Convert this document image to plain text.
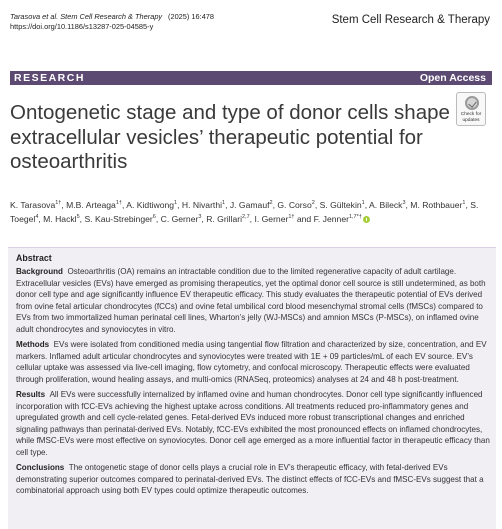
Tarasova et al. Stem Cell Research & Therapy (2025) 16:478
https://doi.org/10.1186/s13287-025-04585-y
Stem Cell Research & Therapy
RESEARCH	Open Access
Ontogenetic stage and type of donor cells shape extracellular vesicles’ therapeutic potential for osteoarthritis
Check for updates
K. Tarasova$^{1\dagger}$, M.B. Arteaga$^{1\dagger}$, A. Kidtiwong$^1$, H. Nivarthi$^1$, J. Gamauf$^2$, G. Corso$^2$, S. Gültekin$^1$, A. Bileck$^3$, M. Rothbauer$^1$, S. Toegel$^4$, M. Hackl$^5$, S. Kau-Strebinger$^6$, C. Gerner$^3$, R. Grillari$^{2,7}$, I. Gerner$^{1\dagger}$ and F. Jenner$^{1,7*\dagger}$
Abstract

Background Osteoarthritis (OA) remains an intractable condition due to the limited regenerative capacity of adult cartilage. Extracellular vesicles (EVs) have emerged as promising therapeutics, yet the optimal donor cell source is still undetermined, as both donor cell type and age significantly influence EV therapeutic efficacy. This study evaluates the therapeutic potential of EVs derived from ovine fetal articular chondrocytes (fCCs) and ovine fetal umbilical cord blood mesenchymal stromal cells (fMSCs) compared to EVs from two immortalized human perinatal cell lines, Wharton’s jelly (WJ-MSCs) and amnion MSCs (P-MSCs), on inflamed ovine adult chondrocytes and synoviocytes in vitro.

Methods EVs were isolated from conditioned media using tangential flow filtration and characterized by size, concentration, and EV markers. Inflamed adult articular chondrocytes and synoviocytes were treated with 1E + 09 particles/mL of each EV source. EV’s cellular uptake was assessed via live-cell imaging, flow cytometry, and confocal microscopy. Therapeutic effects were evaluated through proliferation, wound healing assays, and multi-omics (RNASeq, proteomics) analyses at 24 and 48 h post-treatment.

Results All EVs were successfully internalized by inflamed ovine and human chondrocytes. Donor cell type significantly influenced incorporation with fCC-EVs achieving the highest uptake across conditions. All treatments reduced pro-inflammatory genes and upregulated growth and cell cycle-related genes. Fetal-derived EVs induced more robust transcriptional changes and enriched signaling pathways than perinatal-derived EVs. Notably, fCC-EVs exhibited the most pronounced effects on inflamed chondrocytes, while fMSC-EVs were most effective on synoviocytes. Donor cell age emerged as a more influential factor in therapeutic efficacy than cell type.

Conclusions The ontogenetic stage of donor cells plays a crucial role in EV’s therapeutic efficacy, with fetal-derived EVs demonstrating superior outcomes compared to perinatal-derived EVs. The distinct effects of fCC-EVs and fMSC-EVs suggest that a combinatorial approach using both EV types could optimize therapeutic outcomes.
